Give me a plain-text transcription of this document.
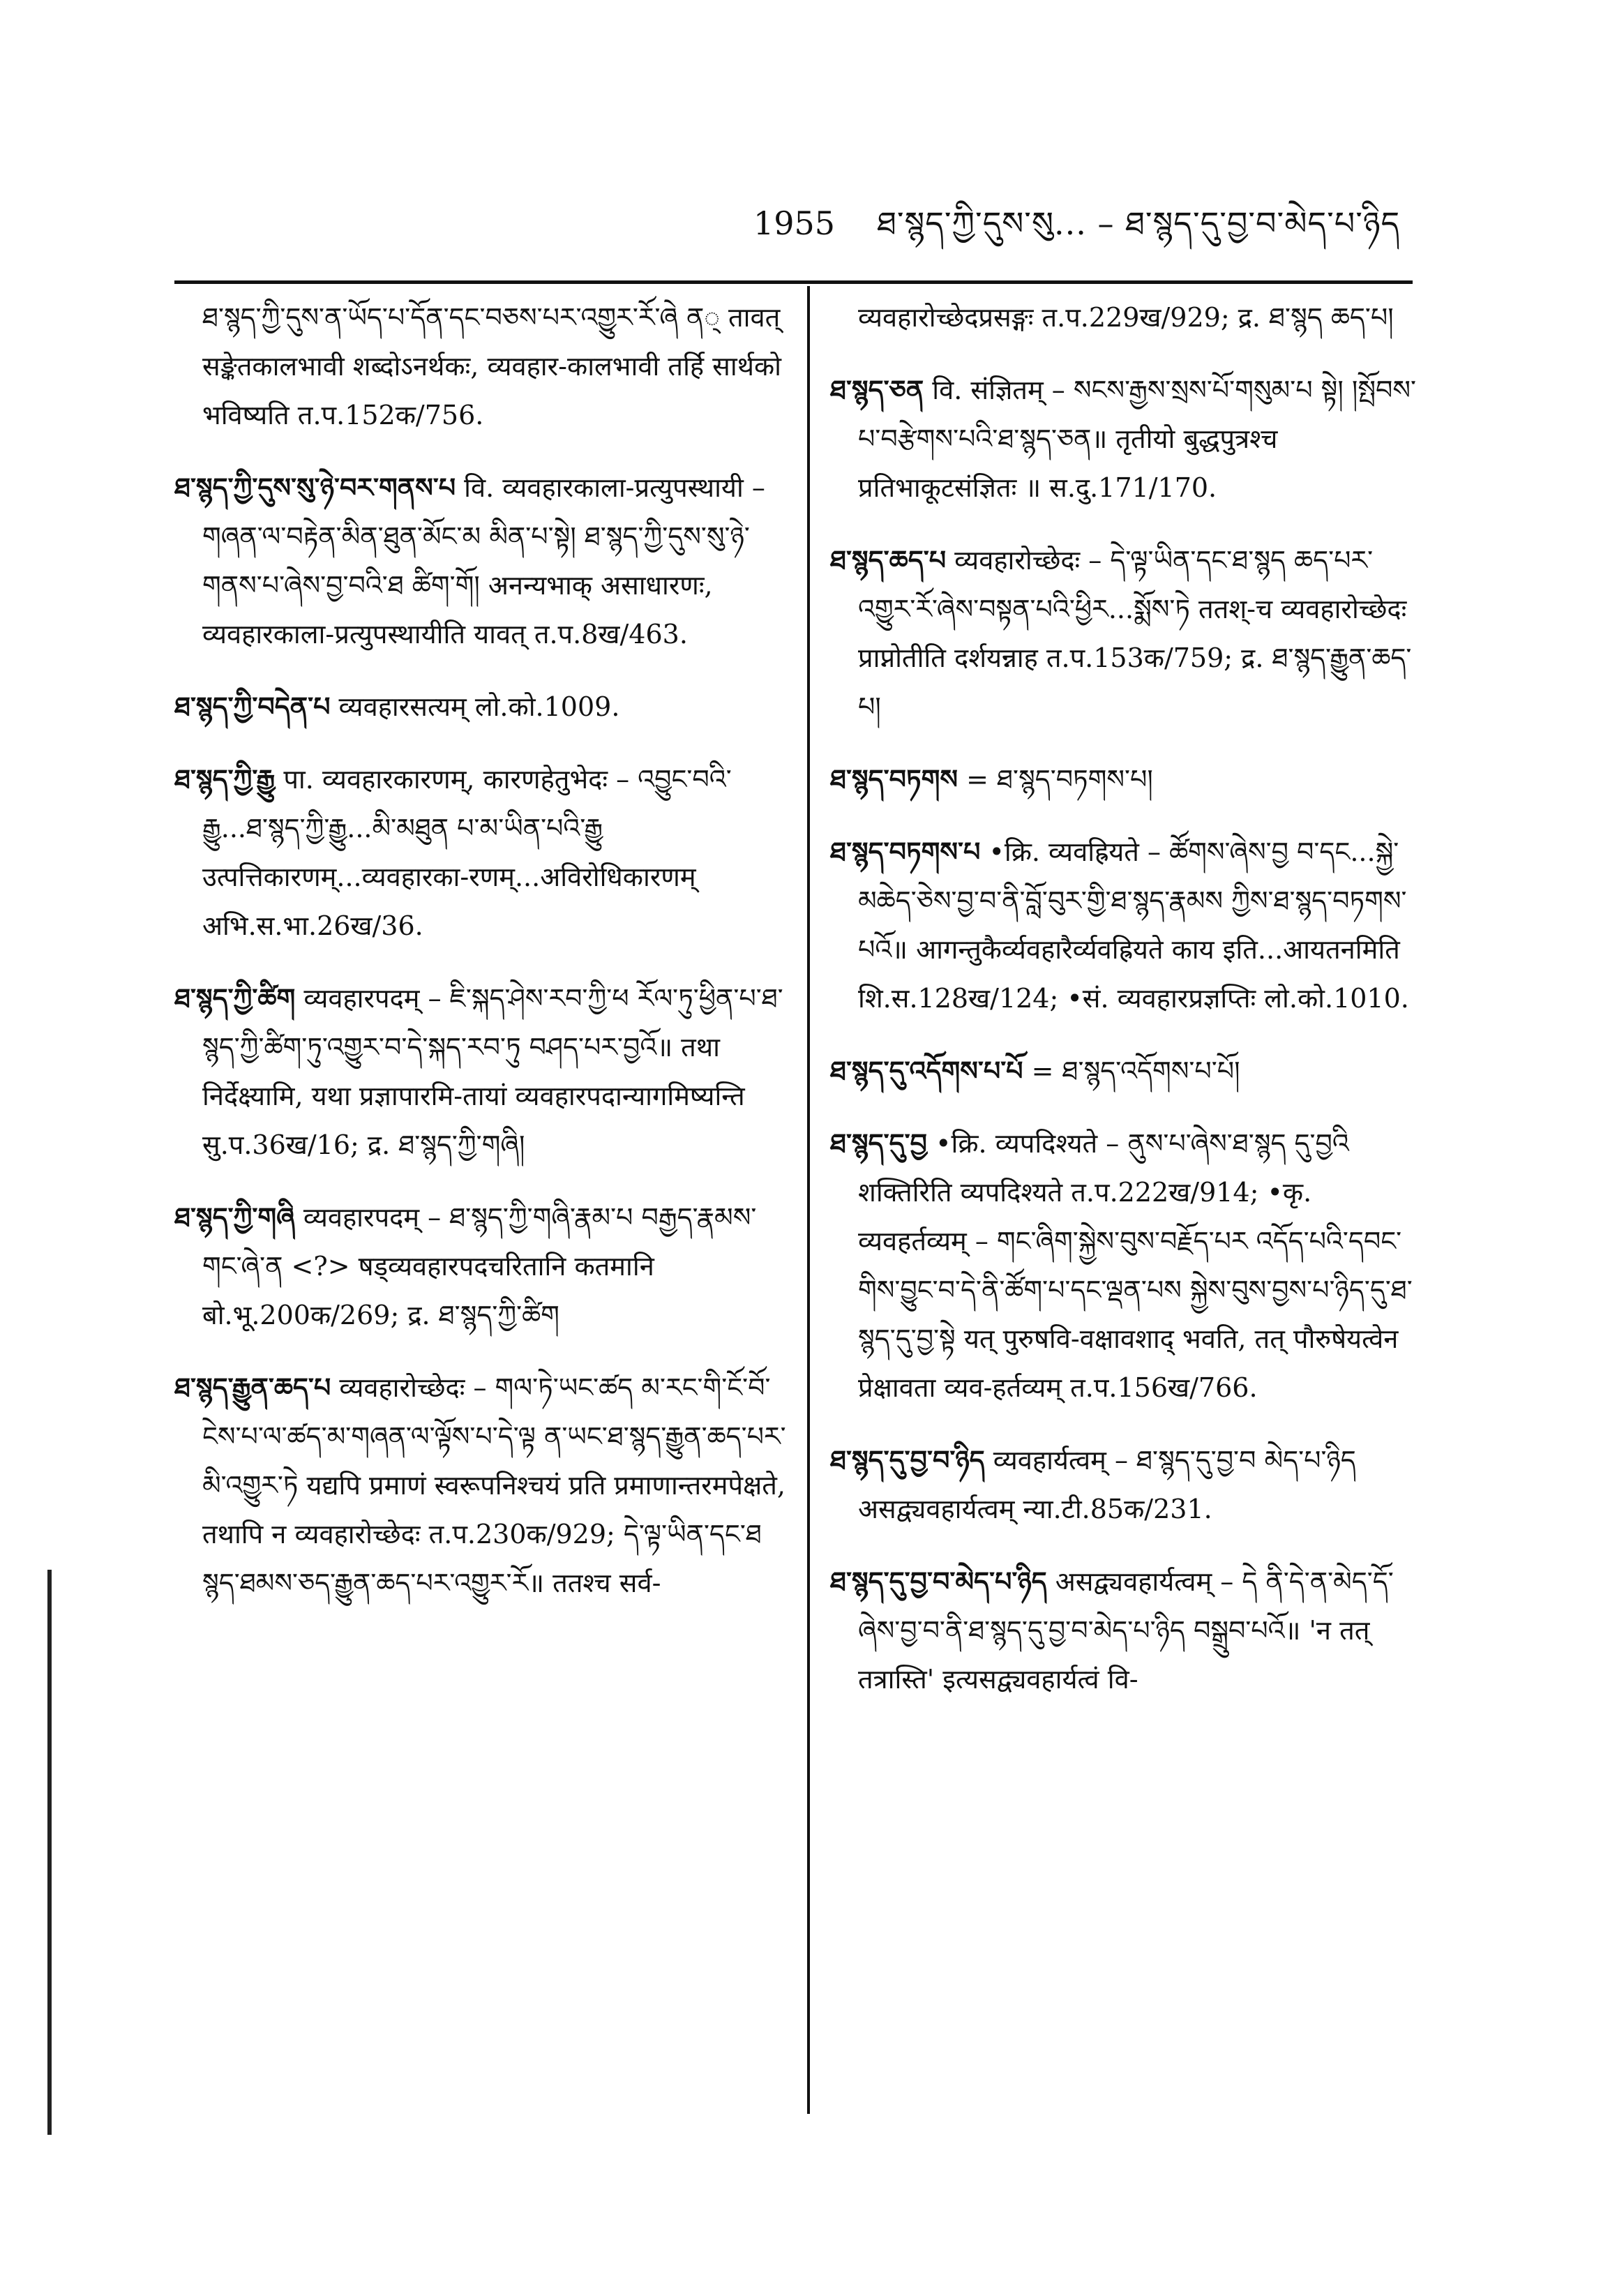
1955 ཐ་སྙད་ཀྱི་དུས་སུ... – ཐ་སྙད་དུ་བྱ་བ་མེད་པ་ཉིད

ཐ་སྙད་ཀྱི་དུས་ན་ཡོད་པ་དོན་དང་བཅས་པར་འགྱུར་རོ་ཞེ ན् तावत् सङ्केतकालभावी शब्दोऽनर्थकः, व्यवहार-कालभावी तर्हि सार्थको भविष्यति त.प.152क/756.

ཐ་སྙད་ཀྱི་དུས་སུ་ཉེ་བར་གནས་པ वि. व्यवहारकाला-प्रत्युपस्थायी – གཞན་ལ་བརྟེན་མིན་ཐུན་མོང་མ མིན་པ་སྟེ། ཐ་སྙད་ཀྱི་དུས་སུ་ཉེ་གནས་པ་ཞེས་བྱ་བའི་ཐ ཚིག་གོ། अनन्यभाक् असाधारणः, व्यवहारकाला-प्रत्युपस्थायीति यावत् त.प.8ख/463.

ཐ་སྙད་ཀྱི་བདེན་པ व्यवहारसत्यम् लो.को.1009.

ཐ་སྙད་ཀྱི་རྒྱུ पा. व्यवहारकारणम्, कारणहेतुभेदः – འབྱུང་བའི་རྒྱུ...ཐ་སྙད་ཀྱི་རྒྱུ...མི་མཐུན པ་མ་ཡིན་པའི་རྒྱུ उत्पत्तिकारणम्...व्यवहारका-रणम्...अविरोधिकारणम् अभि.स.भा.26ख/36.

ཐ་སྙད་ཀྱི་ཚིག व्यवहारपदम् – ཇི་སྐད་ཤེས་རབ་ཀྱི་ཕ རོལ་ཏུ་ཕྱིན་པ་ཐ་སྙད་ཀྱི་ཚིག་ཏུ་འགྱུར་བ་དེ་སྐད་རབ་ཏུ བཤད་པར་བྱའོ॥ तथा निर्देक्ष्यामि, यथा प्रज्ञापारमि-तायां व्यवहारपदान्यागमिष्यन्ति सु.प.36ख/16; द्र. ཐ་སྙད་ཀྱི་གཞི།

ཐ་སྙད་ཀྱི་གཞི व्यवहारपदम् – ཐ་སྙད་ཀྱི་གཞི་རྣམ་པ བརྒྱད་རྣམས་གང་ཞེ་ན <?> षड्व्यवहारपदचरितानि कतमानि बो.भू.200क/269; द्र. ཐ་སྙད་ཀྱི་ཚིག

ཐ་སྙད་རྒྱུན་ཆད་པ व्यवहारोच्छेदः – གལ་ཏེ་ཡང་ཚད མ་རང་གི་ངོ་བོ་ངེས་པ་ལ་ཚད་མ་གཞན་ལ་ལྟོས་པ་དེ་ལྟ ན་ཡང་ཐ་སྙད་རྒྱུན་ཆད་པར་མི་འགྱུར་ཏེ यद्यपि प्रमाणं स्वरूपनिश्चयं प्रति प्रमाणान्तरमपेक्षते, तथापि न व्यवहारोच्छेदः त.प.230क/929; དེ་ལྟ་ཡིན་དང་ཐ སྙད་ཐམས་ཅད་རྒྱུན་ཆད་པར་འགྱུར་རོ॥ ततश्च सर्व-

व्यवहारोच्छेदप्रसङ्गः त.प.229ख/929; द्र. ཐ་སྙད ཆད་པ།

ཐ་སྙད་ཅན वि. संज्ञितम् – སངས་རྒྱས་སྲས་པོ་གསུམ་པ སྟེ། །སྤོབས་པ་བརྩེགས་པའི་ཐ་སྙད་ཅན॥ तृतीयो बुद्धपुत्रश्च प्रतिभाकूटसंज्ञितः ॥ स.दु.171/170.

ཐ་སྙད་ཆད་པ व्यवहारोच्छेदः – དེ་ལྟ་ཡིན་དང་ཐ་སྙད ཆད་པར་འགྱུར་རོ་ཞེས་བསྟན་པའི་ཕྱིར...སྨོས་ཏེ ततश्-च व्यवहारोच्छेदः प्राप्नोतीति दर्शयन्नाह त.प.153क/759; द्र. ཐ་སྙད་རྒྱུན་ཆད་པ།

ཐ་སྙད་བཏགས = ཐ་སྙད་བཏགས་པ།

ཐ་སྙད་བཏགས་པ •क्रि. व्यवह्रियते – ཚོགས་ཞེས་བྱ བ་དང...སྐྱེ་མཆེད་ཅེས་བྱ་བ་ནི་བློ་བུར་གྱི་ཐ་སྙད་རྣམས ཀྱིས་ཐ་སྙད་བཏགས་པའོ॥ आगन्तुकैर्व्यवहारैर्व्यवह्रियते काय इति...आयतनमिति शि.स.128ख/124; •सं. व्यवहारप्रज्ञप्तिः लो.को.1010.

ཐ་སྙད་དུ་འདོགས་པ་པོ = ཐ་སྙད་འདོགས་པ་པོ།

ཐ་སྙད་དུ་བྱ •क्रि. व्यपदिश्यते – ནུས་པ་ཞེས་ཐ་སྙད དུ་བྱའི शक्तिरिति व्यपदिश्यते त.प.222ख/914; •कृ. व्यवहर्तव्यम् – གང་ཞིག་སྐྱེས་བུས་བརྗོད་པར འདོད་པའི་དབང་གིས་བྱུང་བ་དེ་ནི་ཚོག་པ་དང་ལྡན་པས སྐྱེས་བུས་བྱས་པ་ཉིད་དུ་ཐ་སྙད་དུ་བྱ་སྟེ यत् पुरुषवि-वक्षावशाद् भवति, तत् पौरुषेयत्वेन प्रेक्षावता व्यव-हर्तव्यम् त.प.156ख/766.

ཐ་སྙད་དུ་བྱ་བ་ཉིད व्यवहार्यत्वम् – ཐ་སྙད་དུ་བྱ་བ མེད་པ་ཉིད असद्व्यवहार्यत्वम् न्या.टी.85क/231.

ཐ་སྙད་དུ་བྱ་བ་མེད་པ་ཉིད असद्व्यवहार्यत्वम् – དེ ནི་དེ་ན་མེད་དོ་ཞེས་བྱ་བ་ནི་ཐ་སྙད་དུ་བྱ་བ་མེད་པ་ཉིད བསྒྲུབ་པའོ॥ 'न तत् तत्रास्ति' इत्यसद्व्यवहार्यत्वं वि-
